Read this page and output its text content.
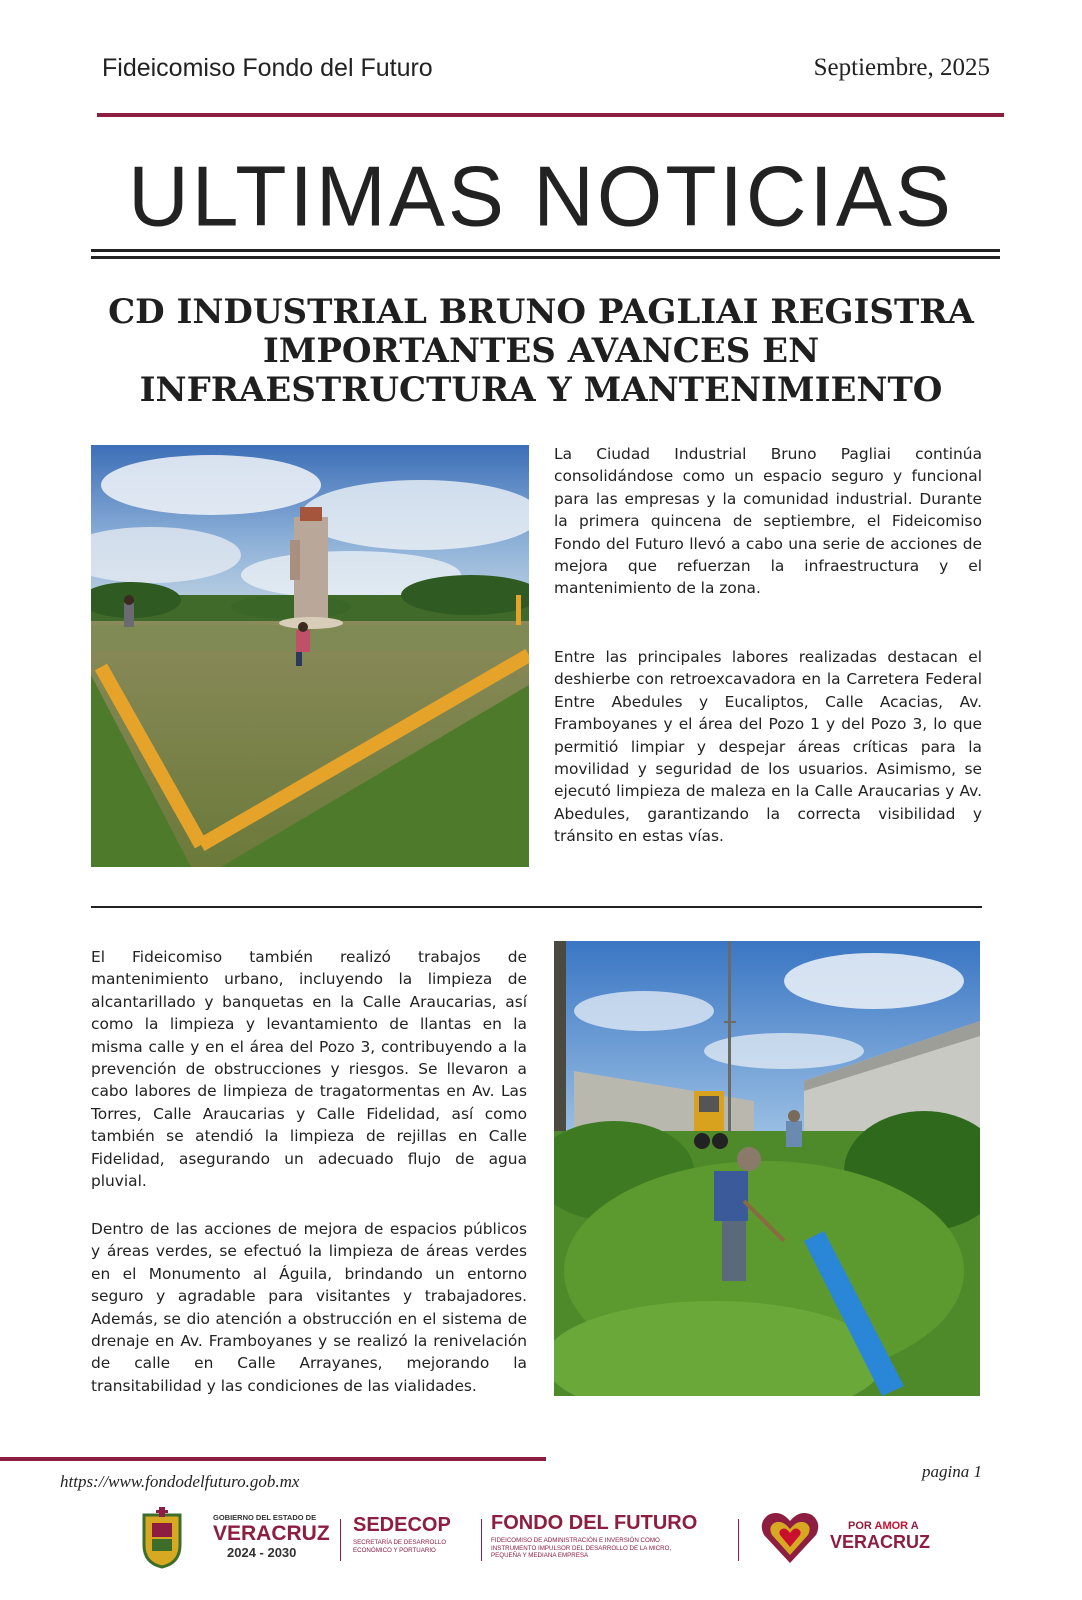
Fideicomiso Fondo del Futuro	Septiembre, 2025
ULTIMAS NOTICIAS
CD INDUSTRIAL BRUNO PAGLIAI REGISTRA IMPORTANTES AVANCES EN INFRAESTRUCTURA Y MANTENIMIENTO

La Ciudad Industrial Bruno Pagliai continúa consolidándose como un espacio seguro y funcional para las empresas y la comunidad industrial. Durante la primera quincena de septiembre, el Fideicomiso Fondo del Futuro llevó a cabo una serie de acciones de mejora que refuerzan la infraestructura y el mantenimiento de la zona.

Entre las principales labores realizadas destacan el deshierbe con retroexcavadora en la Carretera Federal Entre Abedules y Eucaliptos, Calle Acacias, Av. Framboyanes y el área del Pozo 1 y del Pozo 3, lo que permitió limpiar y despejar áreas críticas para la movilidad y seguridad de los usuarios. Asimismo, se ejecutó limpieza de maleza en la Calle Araucarias y Av. Abedules, garantizando la correcta visibilidad y tránsito en estas vías.

El Fideicomiso también realizó trabajos de mantenimiento urbano, incluyendo la limpieza de alcantarillado y banquetas en la Calle Araucarias, así como la limpieza y levantamiento de llantas en la misma calle y en el área del Pozo 3, contribuyendo a la prevención de obstrucciones y riesgos. Se llevaron a cabo labores de limpieza de tragatormentas en Av. Las Torres, Calle Araucarias y Calle Fidelidad, así como también se atendió la limpieza de rejillas en Calle Fidelidad, asegurando un adecuado flujo de agua pluvial.

Dentro de las acciones de mejora de espacios públicos y áreas verdes, se efectuó la limpieza de áreas verdes en el Monumento al Águila, brindando un entorno seguro y agradable para visitantes y trabajadores. Además, se dio atención a obstrucción en el sistema de drenaje en Av. Framboyanes y se realizó la renivelación de calle en Calle Arrayanes, mejorando la transitabilidad y las condiciones de las vialidades.

https://www.fondodelfuturo.gob.mx
pagina 1
GOBIERNO DEL ESTADO DE
VERACRUZ
2024 - 2030
SEDECOP
SECRETARÍA DE DESARROLLO
ECONÓMICO Y PORTUARIO
FONDO DEL FUTURO
FIDEICOMISO DE ADMINISTRACIÓN E INVERSIÓN COMO
INSTRUMENTO IMPULSOR DEL DESARROLLO DE LA MICRO,
PEQUEÑA Y MEDIANA EMPRESA
POR AMOR A
VERACRUZ
